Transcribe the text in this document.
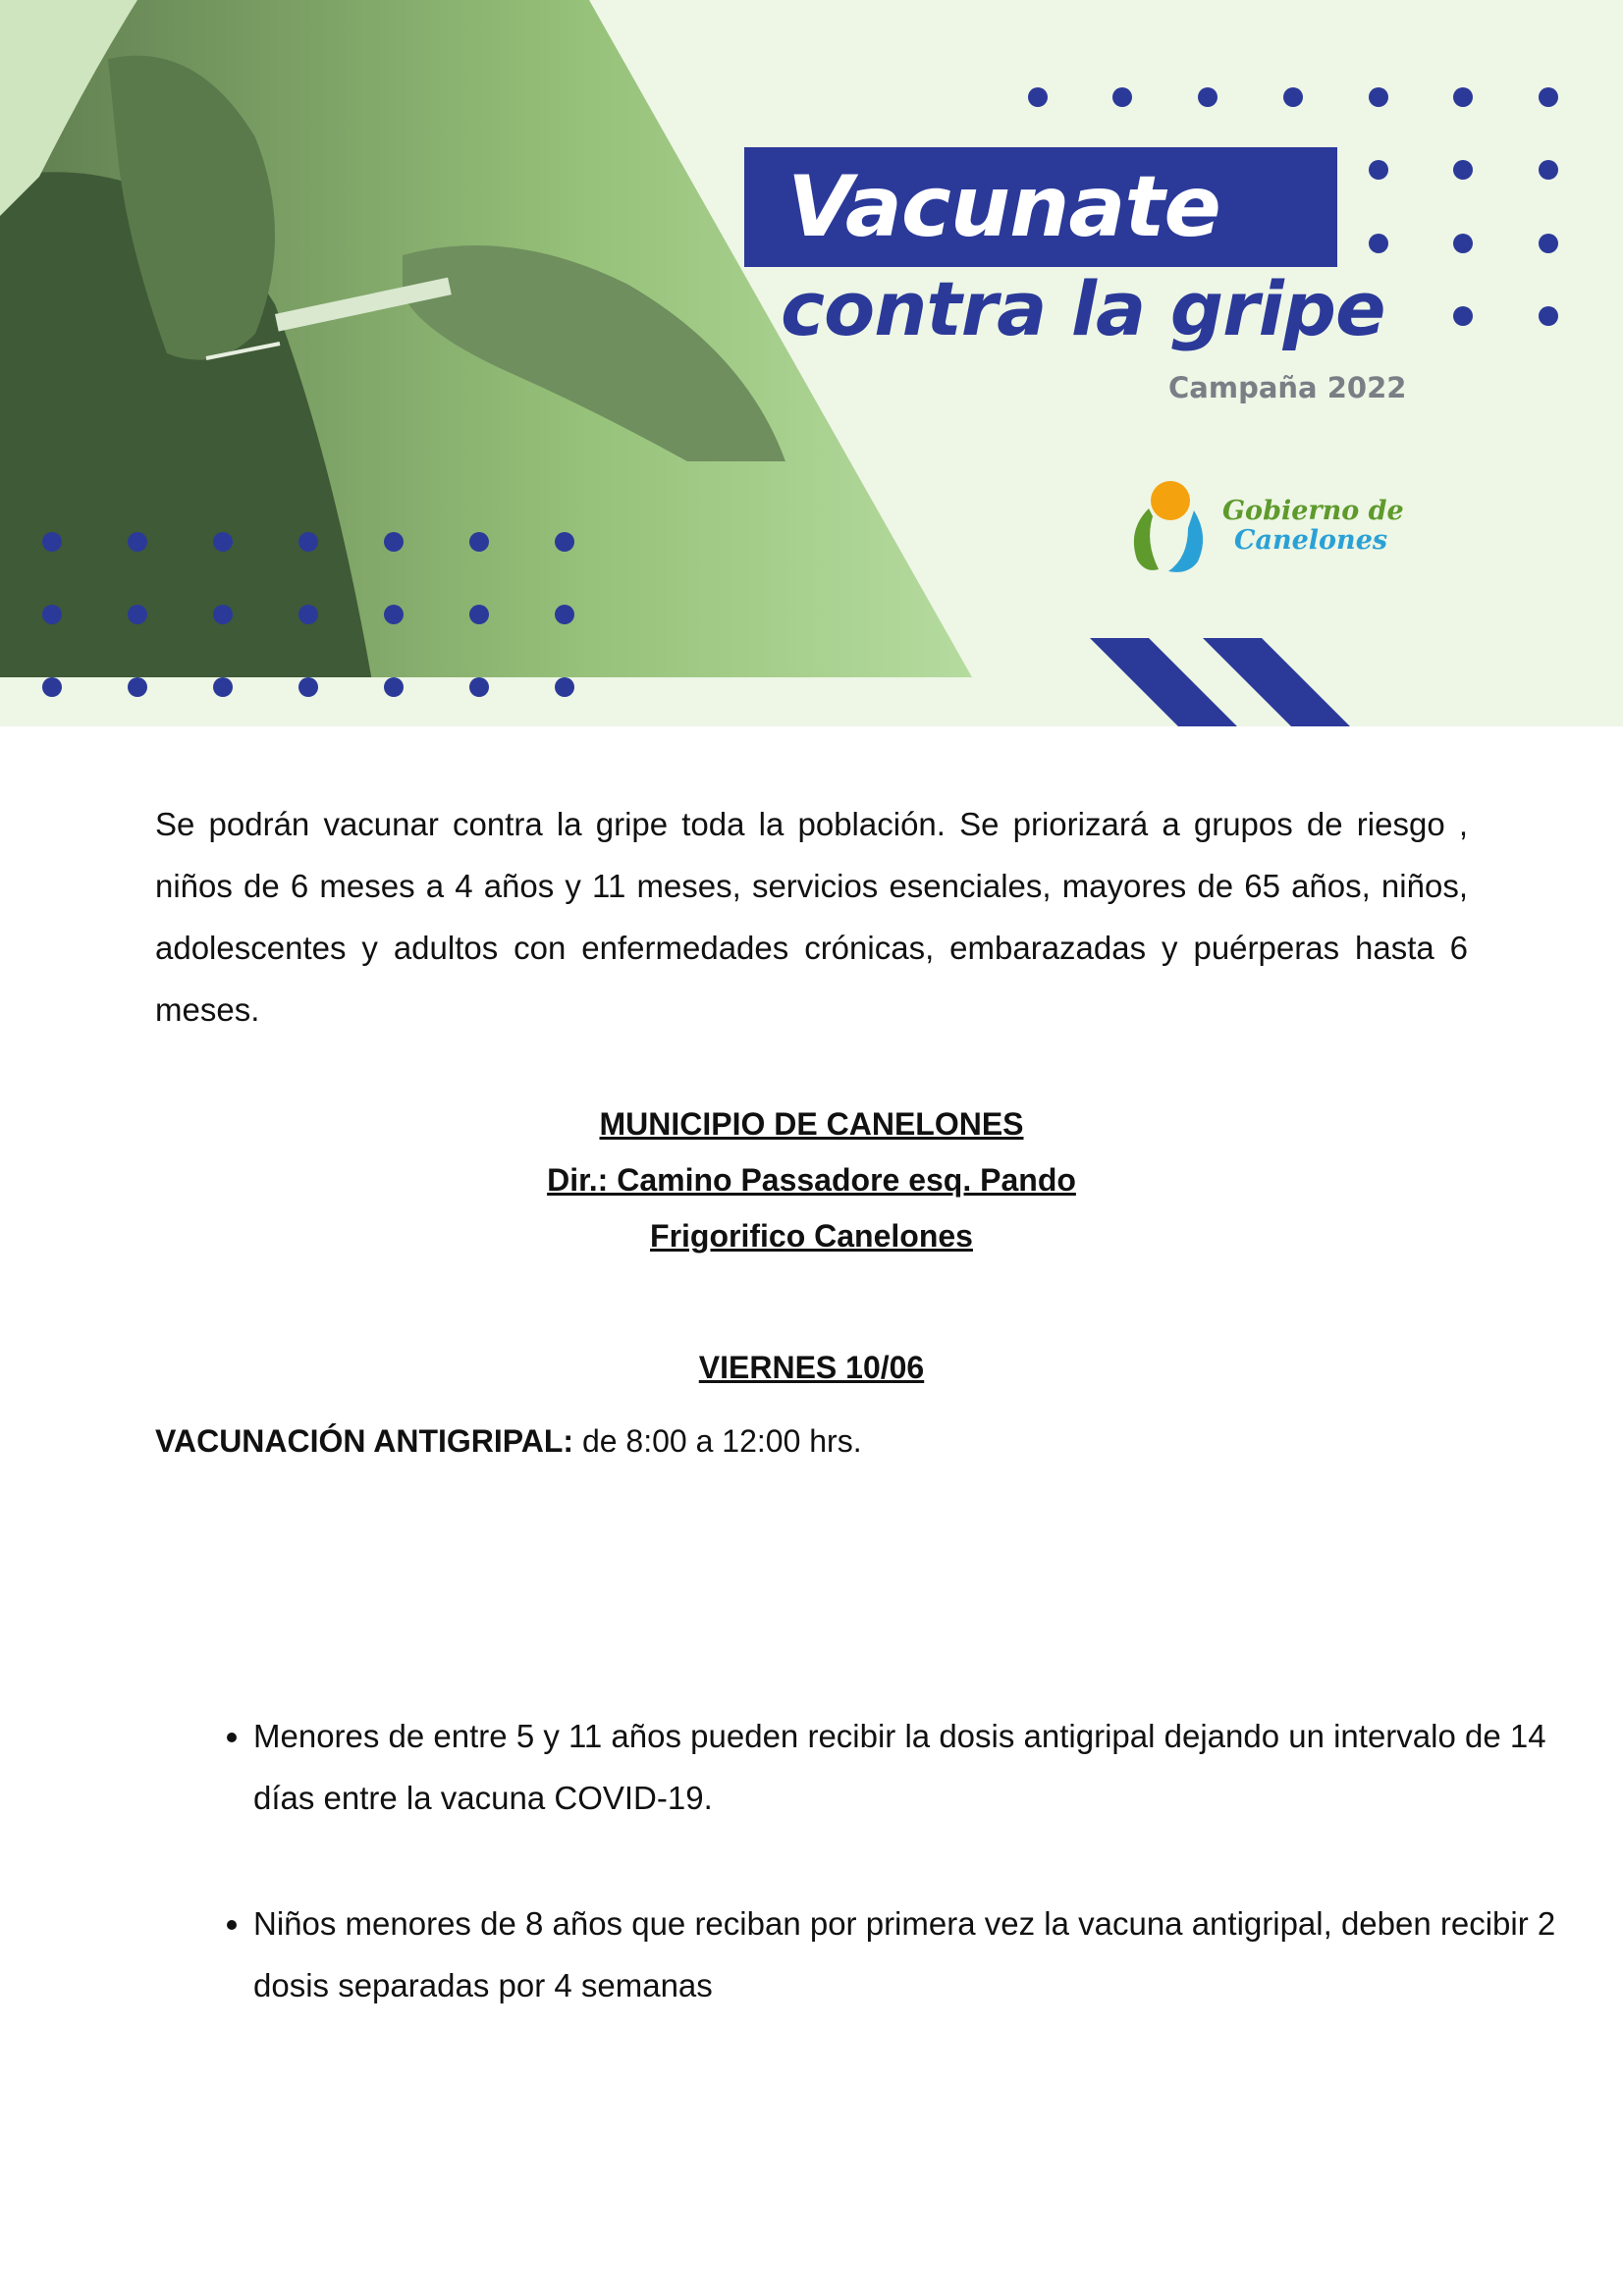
Vacunate
contra la gripe
Campaña 2022
Gobierno de
Canelones

Se podrán vacunar contra la gripe toda la población. Se priorizará a grupos de riesgo , niños de 6 meses a 4 años y 11 meses, servicios esenciales, mayores de 65 años, niños, adolescentes y adultos con enfermedades crónicas, embarazadas y puérperas hasta 6 meses.

MUNICIPIO DE CANELONES

Dir.: Camino Passadore esq. Pando

Frigorifico Canelones

VIERNES 10/06

VACUNACIÓN ANTIGRIPAL: de 8:00 a 12:00 hrs.

• Menores de entre 5 y 11 años pueden recibir la dosis antigripal dejando un intervalo de 14 días entre la vacuna COVID-19.
• Niños menores de 8 años que reciban por primera vez la vacuna antigripal, deben recibir 2 dosis separadas por 4 semanas
